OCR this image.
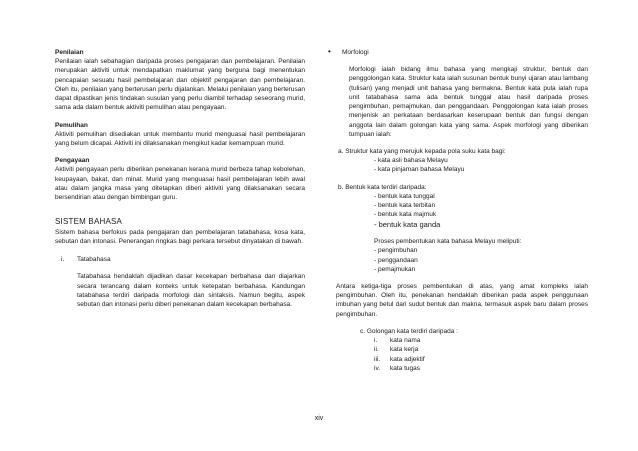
Penilaian

Penilaian ialah sebahagian daripada proses pengajaran dan pembelajaran. Penilaian merupakan aktiviti untuk mendapatkan maklumat yang berguna bagi menentukan pencapaian sesuatu hasil pembelajaran dan objektif pengajaran dan pembelajaran. Oleh itu, penilaian yang berterusan perlu dijalankan. Melalui penilaian yang berterusan dapat dipastikan jenis tindakan susulan yang perlu diambil terhadap seseorang murid, sama ada dalam bentuk aktiviti pemulihan atau pengayaan.

Pemulihan

Aktiviti pemulihan disediakan untuk membantu murid menguasai hasil pembelajaran yang belum dicapai. Aktiviti ini dilaksanakan mengikut kadar kemampuan murid.

Pengayaan

Aktiviti pengayaan perlu diberikan penekanan kerana murid berbeza tahap kebolehan, keupayaan, bakat, dan minat. Murid yang menguasai hasil pembelajaran lebih awal atau dalam jangka masa yang ditetapkan diberi aktiviti yang dilaksanakan secara bersendirian atau dengan bimbingan guru.

SISTEM BAHASA

Sistem bahasa berfokus pada pengajaran dan pembelajaran tatabahasa, kosa kata, sebutan dan intonasi. Penerangan ringkas bagi perkara tersebut dinyatakan di bawah.

i.	Tatabahasa

Tatabahasa hendaklah dijadikan dasar kecekapan berbahasa dan diajarkan secara terancang dalam konteks untuk ketepatan berbahasa. Kandungan tatabahasa terdiri daripada morfologi dan sintaksis. Namun begitu, aspek sebutan dan intonasi perlu diberi penekanan dalam kecekapan berbahasa.

•	Morfologi

Morfologi ialah bidang ilmu bahasa yang mengkaji struktur, bentuk dan penggolongan kata. Struktur kata ialah susunan bentuk bunyi ujaran atau lambang (tulisan) yang menjadi unit bahasa yang bermakna. Bentuk kata pula ialah rupa unit tatabahasa sama ada bentuk tunggal atau hasil daripada proses pengimbuhan, pemajmukan, dan penggandaan. Penggolongan kata ialah proses menjenisk an perkataan berdasarkan keserupaan bentuk dan fungsi dengan anggota lain dalam golongan kata yang sama. Aspek morfologi yang diberikan tumpuan ialah:

a. Struktur kata yang merujuk kepada pola suku kata bagi:

- kata asli bahasa Melayu

- kata pinjaman bahasa Melayu

b. Bentuk kata terdiri daripada:

- bentuk kata tunggal

- bentuk kata terbitan

- bentuk kata majmuk

- bentuk kata ganda

Proses pembentukan kata bahasa Melayu meliputi:

- pengimbuhan

- penggandaan

- pemajmukan

Antara ketiga-tiga proses pembentukan di atas, yang amat kompleks ialah pengimbuhan. Oleh itu, penekanan hendaklah diberikan pada aspek penggunaan imbuhan yang betul dari sudut bentuk dan makna, termasuk aspek baru dalam proses pengimbuhan.

c. Golongan kata terdiri daripada :

i.	kata nama
ii.	kata kerja
iii.	kata adjektif
iv.	kata tugas
xiv
